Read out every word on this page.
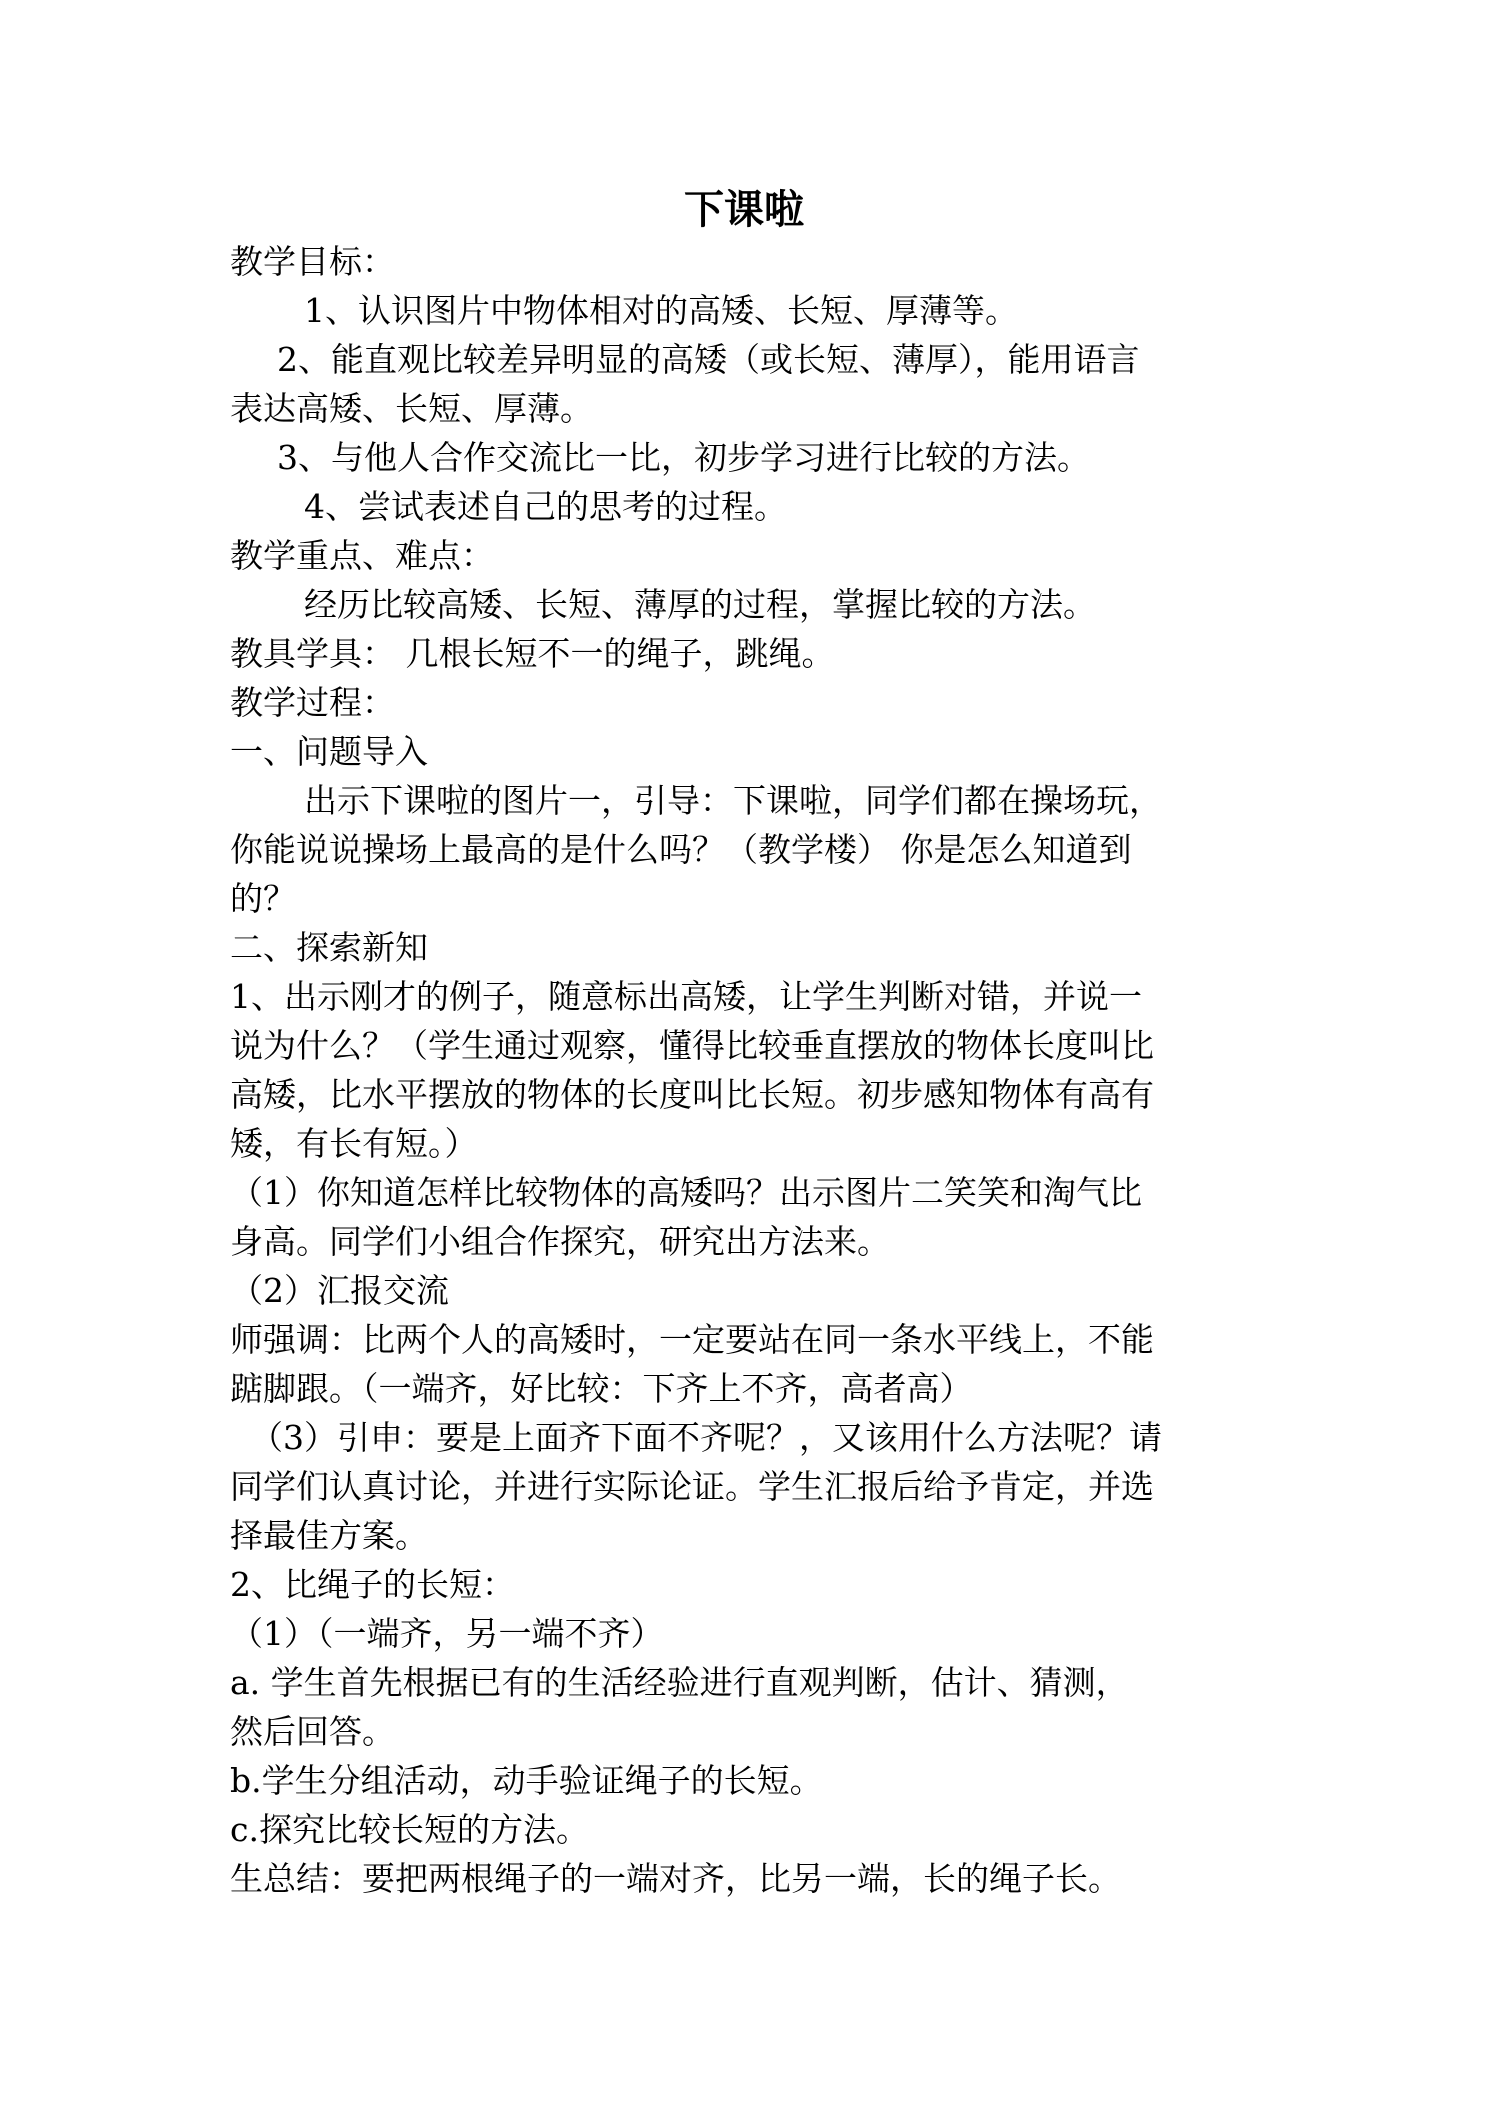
下课啦
教学目标：
1、认识图片中物体相对的高矮、长短、厚薄等。
2、能直观比较差异明显的高矮（或长短、薄厚），能用语言
表达高矮、长短、厚薄。
3、与他人合作交流比一比，初步学习进行比较的方法。
4、尝试表述自己的思考的过程。
教学重点、难点：
经历比较高矮、长短、薄厚的过程，掌握比较的方法。
教具学具： 几根长短不一的绳子，跳绳。
教学过程：
一、问题导入
出示下课啦的图片一，引导：下课啦，同学们都在操场玩，
你能说说操场上最高的是什么吗？（教学楼） 你是怎么知道到
的？
二、探索新知
1、出示刚才的例子，随意标出高矮，让学生判断对错，并说一
说为什么？（学生通过观察，懂得比较垂直摆放的物体长度叫比
高矮，比水平摆放的物体的长度叫比长短。初步感知物体有高有
矮，有长有短。）
（1）你知道怎样比较物体的高矮吗？出示图片二笑笑和淘气比
身高。同学们小组合作探究，研究出方法来。
（2）汇报交流
师强调：比两个人的高矮时，一定要站在同一条水平线上，不能
踮脚跟。（一端齐，好比较：下齐上不齐，高者高）
（3）引申：要是上面齐下面不齐呢？，又该用什么方法呢？请
同学们认真讨论，并进行实际论证。学生汇报后给予肯定，并选
择最佳方案。
2、比绳子的长短：
（1）（一端齐，另一端不齐）
a. 学生首先根据已有的生活经验进行直观判断，估计、猜测，
然后回答。
b.学生分组活动，动手验证绳子的长短。
c.探究比较长短的方法。
生总结：要把两根绳子的一端对齐，比另一端，长的绳子长。
